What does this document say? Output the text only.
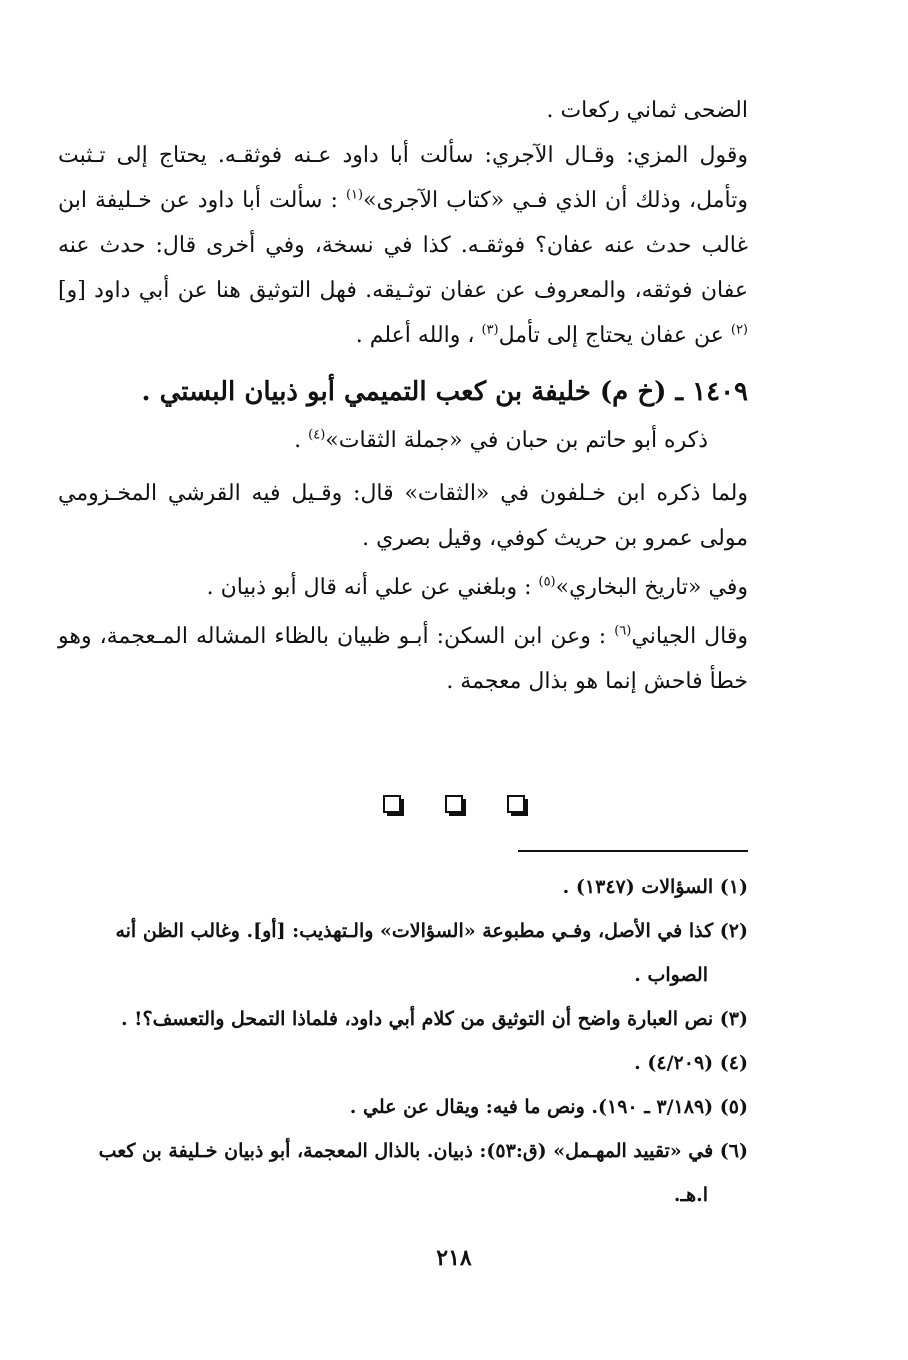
الضحى ثماني ركعات .

وقول المزي: وقـال الآجري: سألت أبا داود عـنه فوثقـه. يحتاج إلى تـثبت وتأمل، وذلك أن الذي فـي «كتاب الآجرى»$^{(١)}$ : سألت أبا داود عن خـليفة ابن غالب حدث عنه عفان؟ فوثقـه. كذا في نسخة، وفي أخرى قال: حدث عنه عفان فوثقه، والمعروف عن عفان توثـيقه. فهل التوثيق هنا عن أبي داود [و]$^{(٢)}$ عن عفان يحتاج إلى تأمل$^{(٣)}$ ، والله أعلم .

١٤٠٩ ـ (خ م) خليفة بن كعب التميمي أبو ذبيان البستي .

ذكره أبو حاتم بن حبان في «جملة الثقات»$^{(٤)}$ .

ولما ذكره ابن خـلفون في «الثقات» قال: وقـيل فيه القرشي المخـزومي مولى عمرو بن حريث كوفي، وقيل بصري .

وفي «تاريخ البخاري»$^{(٥)}$ : وبلغني عن علي أنه قال أبو ذبيان .

وقال الجياني$^{(٦)}$ : وعن ابن السكن: أبـو ظبيان بالظاء المشاله المـعجمة، وهو خطأ فاحش إنما هو بذال معجمة .

(١) السؤالات (١٣٤٧) .

(٢) كذا في الأصل، وفـي مطبوعة «السؤالات» والـتهذيب: [أو]. وغالب الظن أنه

الصواب .

(٣) نص العبارة واضح أن التوثيق من كلام أبي داود، فلماذا التمحل والتعسف؟! .

(٤) (٤/٢٠٩) .

(٥) (٣/١٨٩ ـ ١٩٠). ونص ما فيه: ويقال عن علي .

(٦) في «تقييد المهـمل» (ق:٥٣): ذبيان. بالذال المعجمة، أبو ذبيان خـليفة بن كعب

ا.هـ.

٢١٨
